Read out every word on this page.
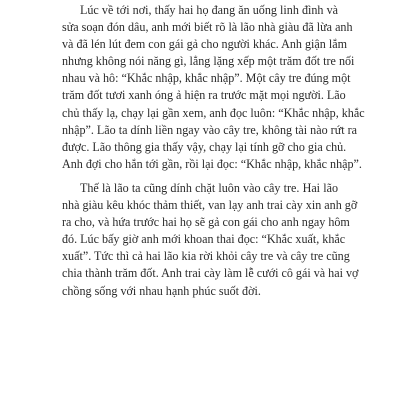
Lúc về tới nơi, thấy hai họ đang ăn uống linh đình và
sửa soạn đón dâu, anh mới biết rõ là lão nhà giàu đã lừa anh
và đã lén lút đem con gái gả cho người khác. Anh giận lắm
nhưng không nói năng gì, lẳng lặng xếp một trăm đốt tre nối
nhau và hô: “Khắc nhập, khắc nhập”. Một cây tre đúng một
trăm đốt tươi xanh óng ả hiện ra trước mặt mọi người. Lão
chủ thấy lạ, chạy lại gần xem, anh đọc luôn: “Khắc nhập, khắc
nhập”. Lão ta dính liền ngay vào cây tre, không tài nào rứt ra
được. Lão thông gia thấy vậy, chạy lại tính gỡ cho gia chủ.
Anh đợi cho hắn tới gần, rồi lại đọc: “Khắc nhập, khắc nhập”.
Thế là lão ta cũng dính chặt luôn vào cây tre. Hai lão
nhà giàu kêu khóc thảm thiết, van lạy anh trai cày xin anh gỡ
ra cho, và hứa trước hai họ sẽ gả con gái cho anh ngay hôm
đó. Lúc bấy giờ anh mới khoan thai đọc: “Khắc xuất, khắc
xuất”. Tức thì cả hai lão kia rời khỏi cây tre và cây tre cũng
chia thành trăm đốt. Anh trai cày làm lễ cưới cô gái và hai vợ
chồng sống với nhau hạnh phúc suốt đời.
